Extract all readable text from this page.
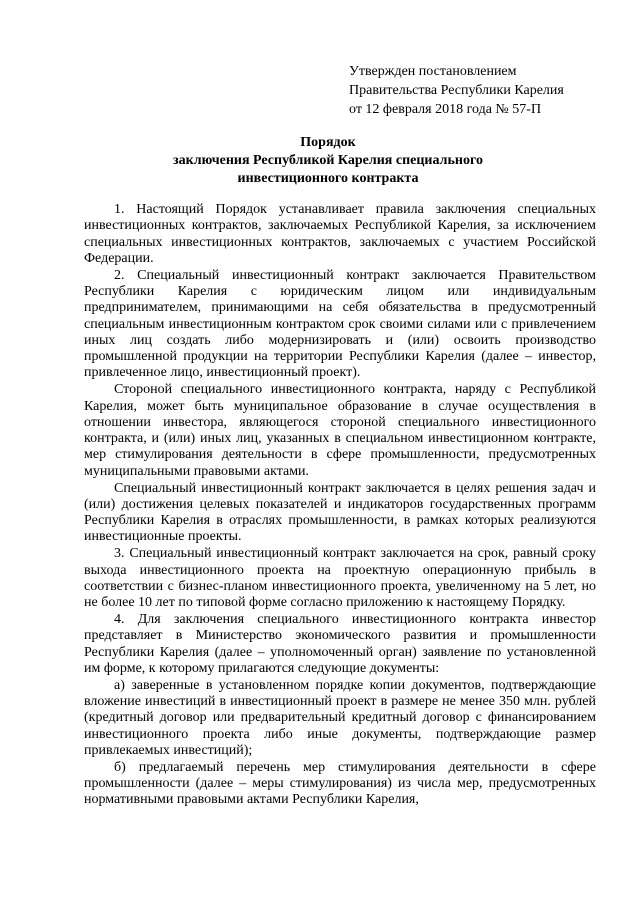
Утвержден постановлением
Правительства Республики Карелия
от 12 февраля 2018 года № 57-П
Порядок
заключения Республикой Карелия специального
инвестиционного контракта

1. Настоящий Порядок устанавливает правила заключения специальных инвестиционных контрактов, заключаемых Республикой Карелия, за исключением специальных инвестиционных контрактов, заключаемых с участием Российской Федерации.

2. Специальный инвестиционный контракт заключается Правительством Республики Карелия с юридическим лицом или индивидуальным предпринимателем, принимающими на себя обязательства в предусмотренный специальным инвестиционным контрактом срок своими силами или с привлечением иных лиц создать либо модернизировать и (или) освоить производство промышленной продукции на территории Республики Карелия (далее – инвестор, привлеченное лицо, инвестиционный проект).

Стороной специального инвестиционного контракта, наряду с Республикой Карелия, может быть муниципальное образование в случае осуществления в отношении инвестора, являющегося стороной специального инвестиционного контракта, и (или) иных лиц, указанных в специальном инвестиционном контракте, мер стимулирования деятельности в сфере промышленности, предусмотренных муниципальными правовыми актами.

Специальный инвестиционный контракт заключается в целях решения задач и (или) достижения целевых показателей и индикаторов государственных программ Республики Карелия в отраслях промышленности, в рамках которых реализуются инвестиционные проекты.

3. Специальный инвестиционный контракт заключается на срок, равный сроку выхода инвестиционного проекта на проектную операционную прибыль в соответствии с бизнес-планом инвестиционного проекта, увеличенному на 5 лет, но не более 10 лет по типовой форме согласно приложению к настоящему Порядку.

4. Для заключения специального инвестиционного контракта инвестор представляет в Министерство экономического развития и промышленности Республики Карелия (далее – уполномоченный орган) заявление по установленной им форме, к которому прилагаются следующие документы:

а) заверенные в установленном порядке копии документов, подтверждающие вложение инвестиций в инвестиционный проект в размере не менее 350 млн. рублей (кредитный договор или предварительный кредитный договор с финансированием инвестиционного проекта либо иные документы, подтверждающие размер привлекаемых инвестиций);

б) предлагаемый перечень мер стимулирования деятельности в сфере промышленности (далее – меры стимулирования) из числа мер, предусмотренных нормативными правовыми актами Республики Карелия,
